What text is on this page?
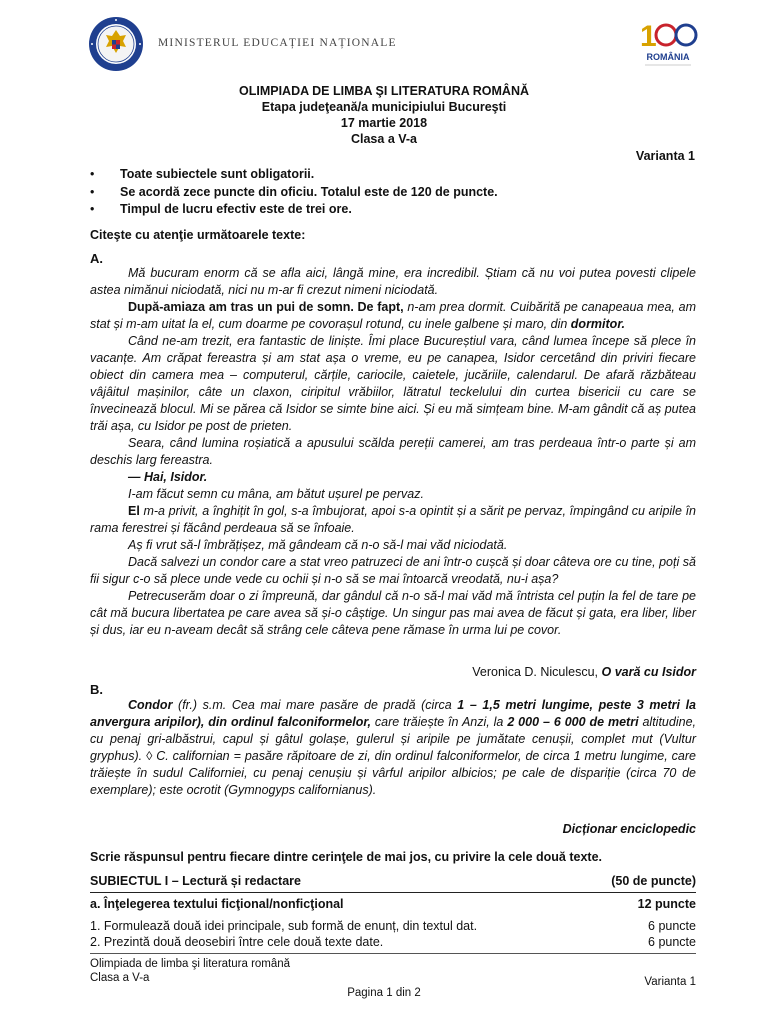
MINISTERUL EDUCAȚIEI NAȚIONALE	1
ROMÂNIA
OLIMPIADA DE LIMBA ŞI LITERATURA ROMÂNĂ
Etapa judeţeană/a municipiului Bucureşti
17 martie 2018
Clasa a V-a
Varianta 1
• Toate subiectele sunt obligatorii.
• Se acordă zece puncte din oficiu. Totalul este de 120 de puncte.
• Timpul de lucru efectiv este de trei ore.
Citeşte cu atenţie următoarele texte:
A.

Mă bucuram enorm că se afla aici, lângă mine, era incredibil. Știam că nu voi putea povesti clipele astea nimănui niciodată, nici nu m-ar fi crezut nimeni niciodată.

După-amiaza am tras un pui de somn. De fapt, n-am prea dormit. Cuibărită pe canapeaua mea, am stat și m-am uitat la el, cum doarme pe covorașul rotund, cu inele galbene și maro, din dormitor.

Când ne-am trezit, era fantastic de liniște. Îmi place Bucureștiul vara, când lumea începe să plece în vacanțe. Am crăpat fereastra și am stat așa o vreme, eu pe canapea, Isidor cercetând din priviri fiecare obiect din camera mea – computerul, cărțile, cariocile, caietele, jucăriile, calendarul. De afară răzbăteau vâjâitul mașinilor, câte un claxon, ciripitul vrăbiilor, lătratul teckelului din curtea bisericii cu care se învecinează blocul. Mi se părea că Isidor se simte bine aici. Și eu mă simțeam bine. M-am gândit că aș putea trăi așa, cu Isidor pe post de prieten.

Seara, când lumina roșiatică a apusului scălda pereții camerei, am tras perdeaua într-o parte și am deschis larg fereastra.

— Hai, Isidor.

I-am făcut semn cu mâna, am bătut ușurel pe pervaz.

El m-a privit, a înghițit în gol, s-a îmbujorat, apoi s-a opintit și a sărit pe pervaz, împingând cu aripile în rama ferestrei și făcând perdeaua să se înfoaie.

Aș fi vrut să-l îmbrățișez, mă gândeam că n-o să-l mai văd niciodată.

Dacă salvezi un condor care a stat vreo patruzeci de ani într-o cușcă și doar câteva ore cu tine, poți să fii sigur c-o să plece unde vede cu ochii și n-o să se mai întoarcă vreodată, nu-i așa?

Petrecuserăm doar o zi împreună, dar gândul că n-o să-l mai văd mă întrista cel puțin la fel de tare pe cât mă bucura libertatea pe care avea să și-o câștige. Un singur pas mai avea de făcut și gata, era liber, liber și dus, iar eu n-aveam decât să strâng cele câteva pene rămase în urma lui pe covor.

Veronica D. Niculescu, O vară cu Isidor
B.

Condor (fr.) s.m. Cea mai mare pasăre de pradă (circa 1 – 1,5 metri lungime, peste 3 metri la anvergura aripilor), din ordinul falconiformelor, care trăiește în Anzi, la 2 000 – 6 000 de metri altitudine, cu penaj gri-albăstrui, capul și gâtul golașe, gulerul și aripile pe jumătate cenușii, complet mut (Vultur gryphus). ◊ C. californian = pasăre răpitoare de zi, din ordinul falconiformelor, de circa 1 metru lungime, care trăiește în sudul Californiei, cu penaj cenușiu și vârful aripilor albicios; pe cale de dispariție (circa 70 de exemplare); este ocrotit (Gymnogyps californianus).

Dicționar enciclopedic
Scrie răspunsul pentru fiecare dintre cerinţele de mai jos, cu privire la cele două texte.
SUBIECTUL I – Lectură și redactare	(50 de puncte)
a. Înţelegerea textului ficţional/nonficţional	12 puncte
1. Formulează două idei principale, sub formă de enunț, din textul dat.	6 puncte
2. Prezintă două deosebiri între cele două texte date.	6 puncte
Olimpiada de limba şi literatura română
Clasa a V-a	Varianta 1
Pagina 1 din 2
